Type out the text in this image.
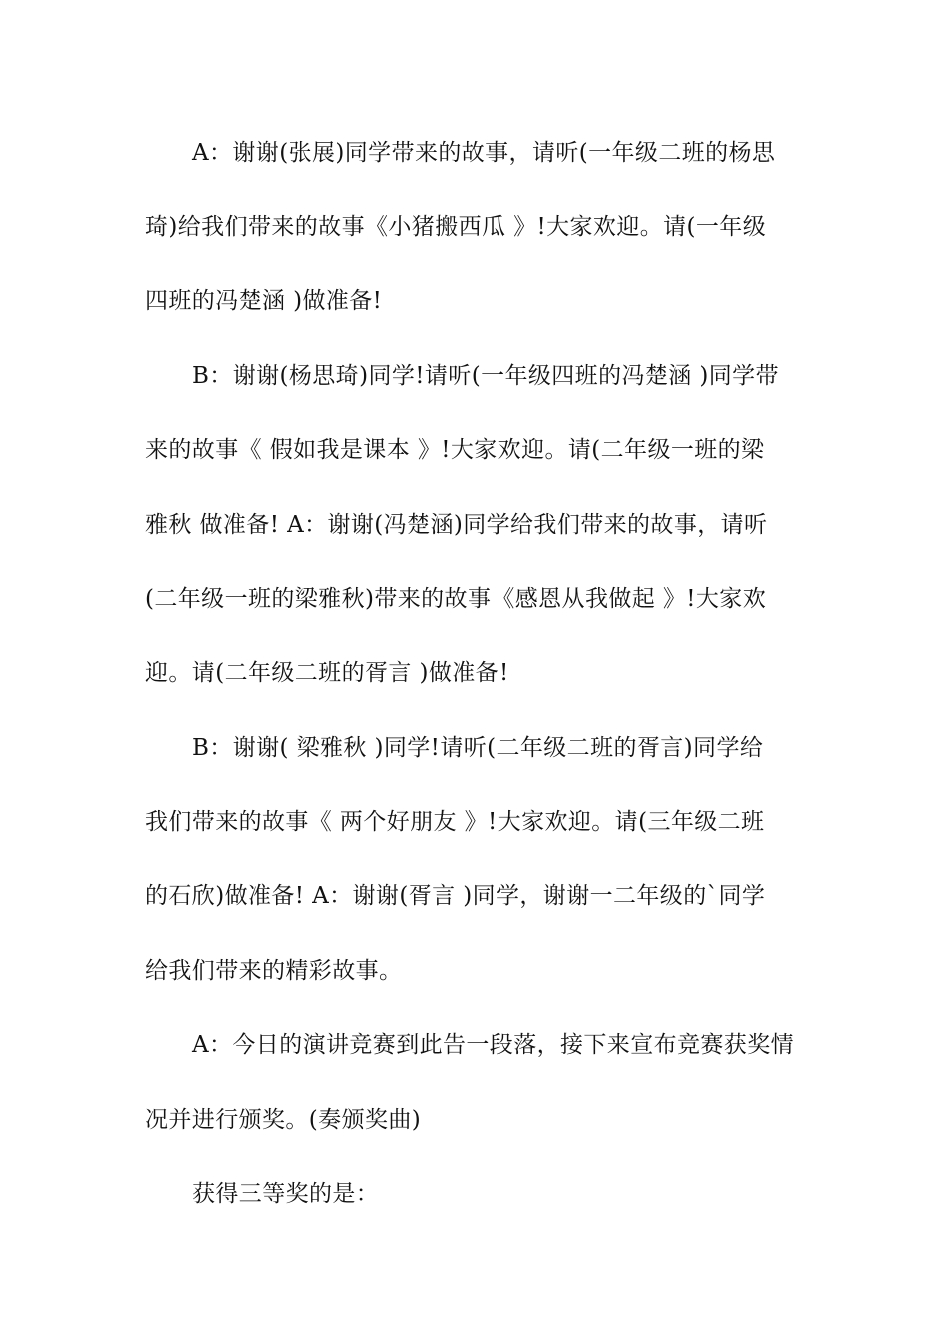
A：谢谢(张展)同学带来的故事，请听(一年级二班的杨思

琦)给我们带来的故事《小猪搬西瓜 》!大家欢迎。请(一年级

四班的冯楚涵 )做准备!

B：谢谢(杨思琦)同学!请听(一年级四班的冯楚涵 )同学带

来的故事《 假如我是课本 》!大家欢迎。请(二年级一班的梁

雅秋 做准备! A：谢谢(冯楚涵)同学给我们带来的故事，请听

(二年级一班的梁雅秋)带来的故事《感恩从我做起 》!大家欢

迎。请(二年级二班的胥言 )做准备!

B：谢谢( 梁雅秋 )同学!请听(二年级二班的胥言)同学给

我们带来的故事《 两个好朋友 》!大家欢迎。请(三年级二班

的石欣)做准备! A：谢谢(胥言 )同学，谢谢一二年级的`同学

给我们带来的精彩故事。

A：今日的演讲竞赛到此告一段落，接下来宣布竞赛获奖情

况并进行颁奖。(奏颁奖曲)

获得三等奖的是：
